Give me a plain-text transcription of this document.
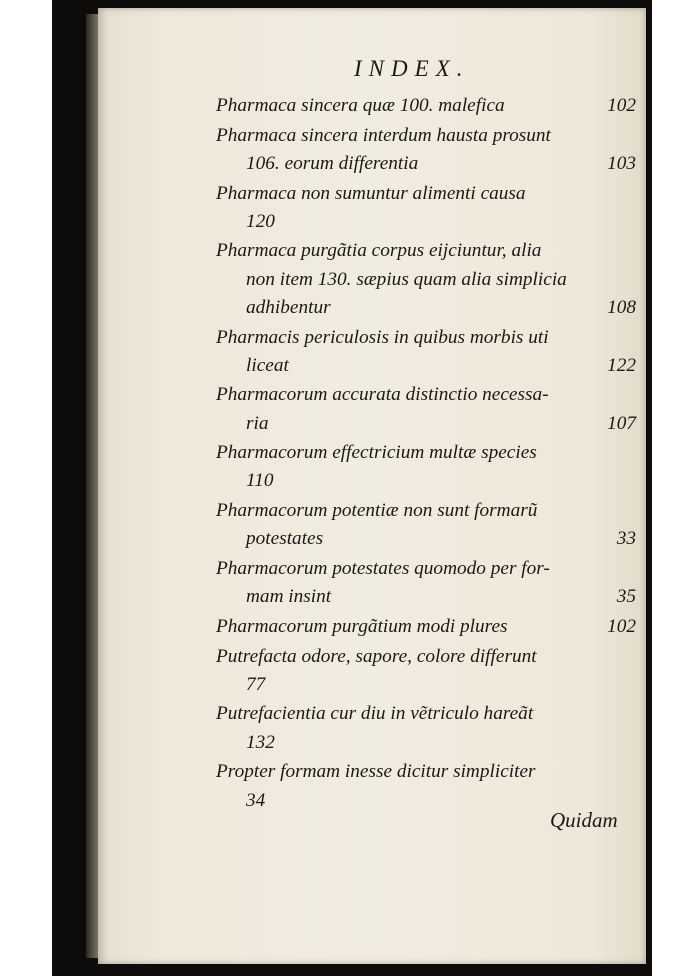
INDEX.
Pharmaca sincera quæ 100. malefica	102
Pharmaca sincera interdum hausta prosunt
106. eorum differentia	103
Pharmaca non sumuntur alimenti causa
120
Pharmaca purgãtia corpus eijciuntur, alia
non item 130. sæpius quam alia simplicia
adhibentur	108
Pharmacis periculosis in quibus morbis uti
liceat	122
Pharmacorum accurata distinctio necessa-
ria	107
Pharmacorum effectricium multæ species
110
Pharmacorum potentiæ non sunt formarũ
potestates	33
Pharmacorum potestates quomodo per for-
mam insint	35
Pharmacorum purgãtium modi plures	102
Putrefacta odore, sapore, colore differunt
77
Putrefacientia cur diu in vẽtriculo hareãt
132
Propter formam inesse dicitur simpliciter
34
Quidam
